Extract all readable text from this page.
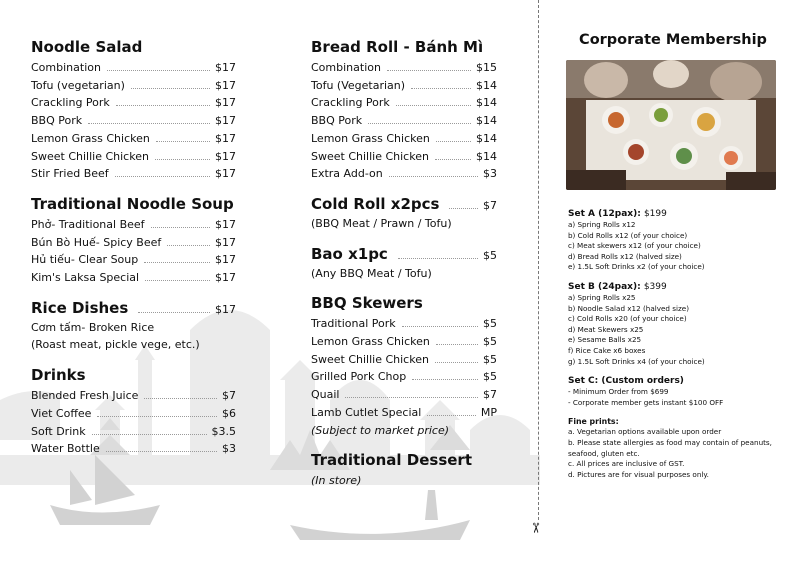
Noodle Salad
Combination	$17
Tofu (vegetarian)	$17
Crackling Pork	$17
BBQ Pork	$17
Lemon Grass Chicken	$17
Sweet Chillie Chicken	$17
Stir Fried Beef	$17
Traditional Noodle Soup
Phở- Traditional Beef	$17
Bún Bò Huế- Spicy Beef	$17
Hủ tiếu- Clear Soup	$17
Kim's Laksa Special	$17
Rice Dishes	$17
Cơm tấm- Broken Rice
(Roast meat, pickle vege, etc.)
Drinks
Blended Fresh Juice	$7
Viet Coffee	$6
Soft Drink	$3.5
Water Bottle	$3
Bread Roll - Bánh Mì
Combination	$15
Tofu (Vegetarian)	$14
Crackling Pork	$14
BBQ Pork	$14
Lemon Grass Chicken	$14
Sweet Chillie Chicken	$14
Extra Add-on	$3
Cold Roll x2pcs	$7
(BBQ Meat / Prawn / Tofu)
Bao x1pc	$5
(Any BBQ Meat / Tofu)
BBQ Skewers
Traditional Pork	$5
Lemon Grass Chicken	$5
Sweet Chillie Chicken	$5
Grilled Pork Chop	$5
Quail	$7
Lamb Cutlet Special	MP
(Subject to market price)
Traditional Dessert
(In store)
✂
Corporate Membership
Set A (12pax): $199
a) Spring Rolls x12
b) Cold Rolls x12 (of your choice)
c) Meat skewers x12 (of your choice)
d) Bread Rolls x12 (halved size)
e) 1.5L Soft Drinks x2 (of your choice)
Set B (24pax): $399
a) Spring Rolls x25
b) Noodle Salad x12 (halved size)
c) Cold Rolls x20 (of your choice)
d) Meat Skewers x25
e) Sesame Balls x25
f) Rice Cake x6 boxes
g) 1.5L Soft Drinks x4 (of your choice)
Set C: (Custom orders)
- Minimum Order from $699
- Corporate member gets instant $100 OFF
Fine prints:
a. Vegetarian options available upon order
b. Please state allergies as food may contain of peanuts, seafood, gluten etc.
c. All prices are inclusive of GST.
d. Pictures are for visual purposes only.
